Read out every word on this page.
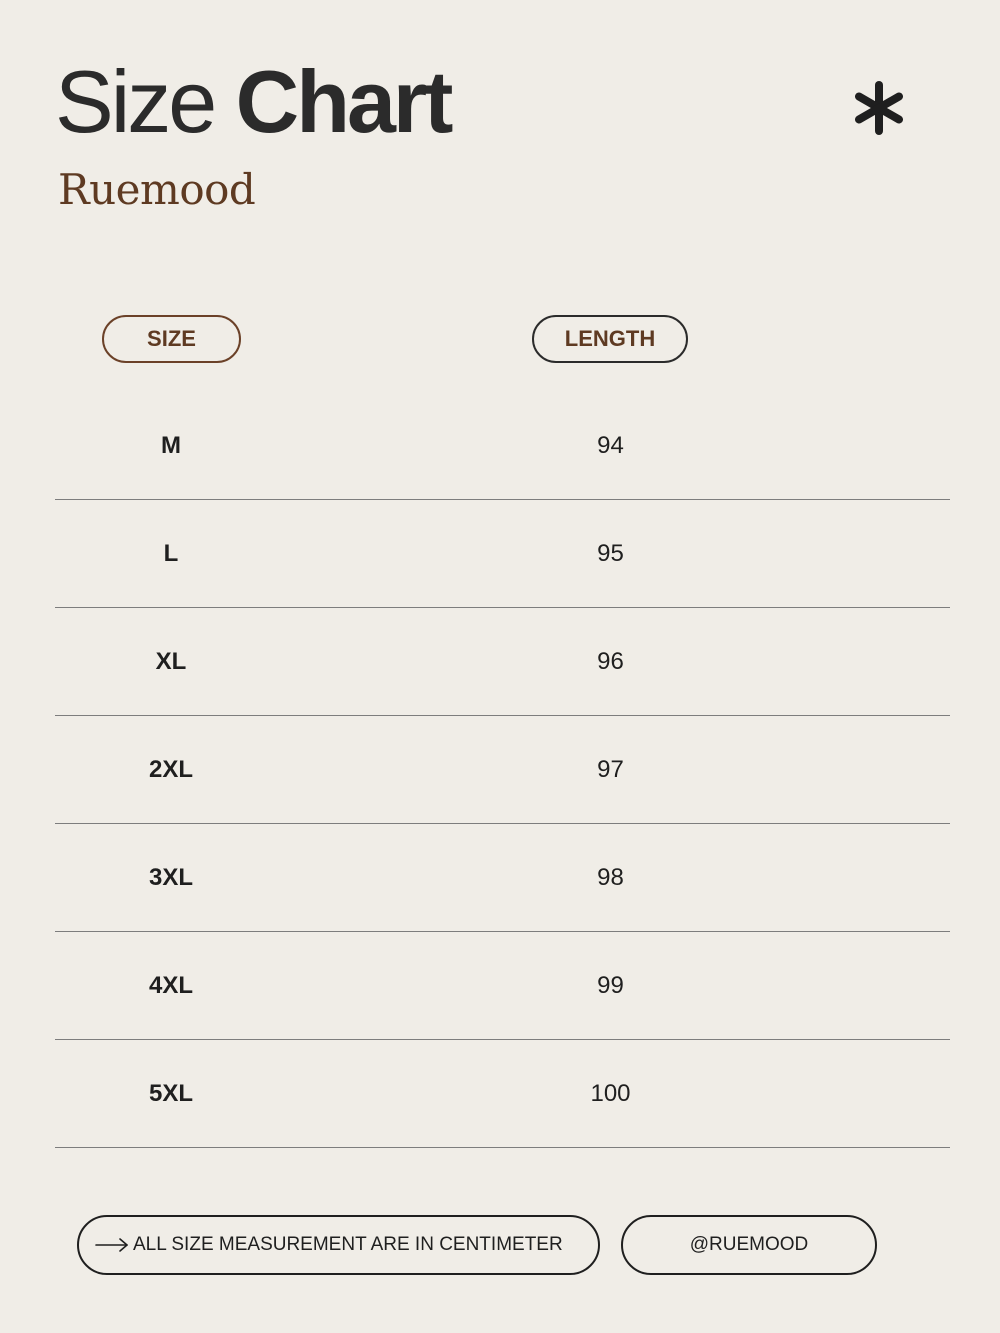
Size Chart
Ruemood
SIZE	LENGTH
M	94
L	95
XL	96
2XL	97
3XL	98
4XL	99
5XL	100
ALL SIZE MEASUREMENT ARE IN CENTIMETER	@RUEMOOD
